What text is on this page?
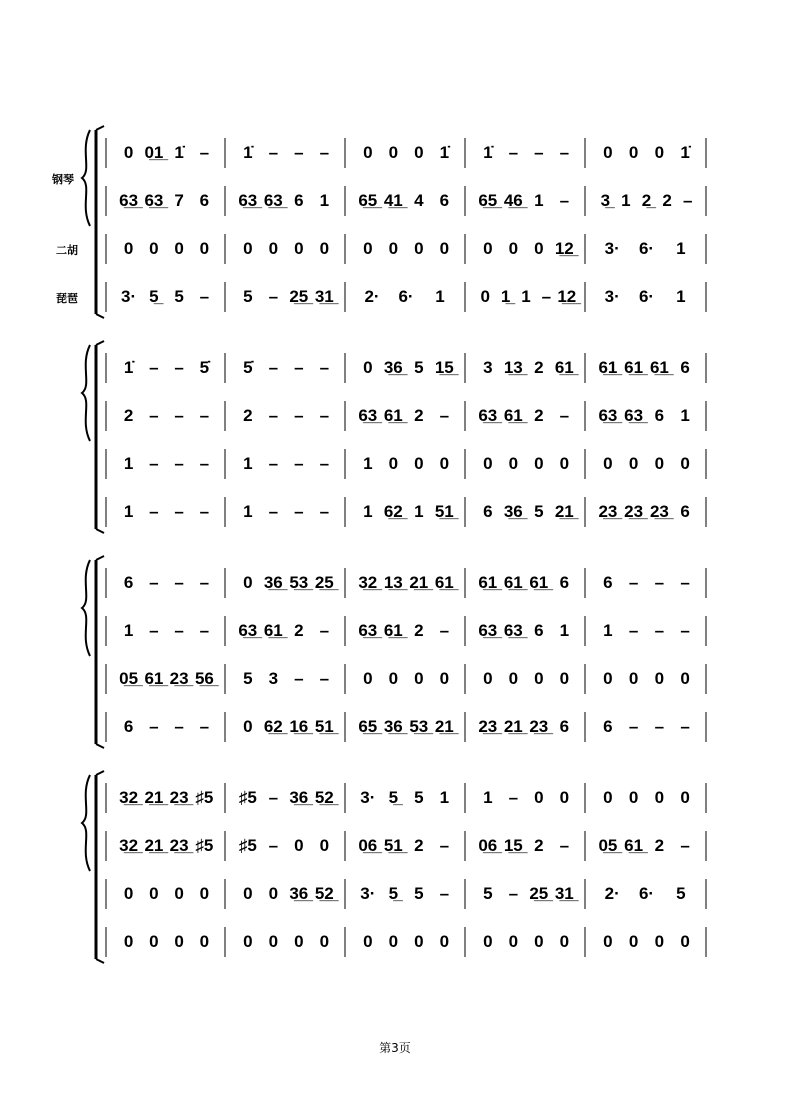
0 0̲1̲ 1̇ – 1̇ – – – 0 0 0 1̇ 1̇ – – – 0 0 0 1̇
6̲3̲ 6̲3̲ 7 6 6̲3̲ 6̲3̲ 6 1 6̲5̲ 4̲1̲ 4 6 6̲5̲ 4̲6̲ 1 – 3̲ 1 2̲ 2 –
0 0 0 0 0 0 0 0 0 0 0 0 0 0 0 1̲2̲ 3· 6· 1
3· 5̲ 5 – 5 – 2̲5̲ 3̲1̲ 2· 6· 1 0 1̲ 1 – 1̲2̲ 3· 6· 1
1̇ – – 5̇ 5̇ – – – 0 3̲6̲ 5 1̲5̲ 3 1̲3̲ 2 6̲1̲ 6̲1̲ 6̲1̲ 6̲1̲ 6
2 – – – 2 – – – 6̲3̲ 6̲1̲ 2 – 6̲3̲ 6̲1̲ 2 – 6̲3̲ 6̲3̲ 6 1
1 – – – 1 – – – 1 0 0 0 0 0 0 0 0 0 0 0
1 – – – 1 – – – 1 6̲2̲ 1 5̲1̲ 6 3̲6̲ 5 2̲1̲ 2̲3̲ 2̲3̲ 2̲3̲ 6
6 – – – 0 3̲6̲ 5̲3̲ 2̲5̲ 3̲2̲ 1̲3̲ 2̲1̲ 6̲1̲ 6̲1̲ 6̲1̲ 6̲1̲ 6 6 – – –
1 – – – 6̲3̲ 6̲1̲ 2 – 6̲3̲ 6̲1̲ 2 – 6̲3̲ 6̲3̲ 6 1 1 – – –
0̲5̲ 6̲1̲ 2̲3̲ 5̲6̲ 5 3 – – 0 0 0 0 0 0 0 0 0 0 0 0
6 – – – 0 6̲2̲ 1̲6̲ 5̲1̲ 6̲5̲ 3̲6̲ 5̲3̲ 2̲1̲ 2̲3̲ 2̲1̲ 2̲3̲ 6 6 – – –
3̲2̲ 2̲1̲ 2̲3̲ ♯5 ♯5 – 3̲6̲ 5̲2̲ 3· 5̲ 5 1 1 – 0 0 0 0 0 0
3̲2̲ 2̲1̲ 2̲3̲ ♯5 ♯5 – 0 0 0̲6̲ 5̲1̲ 2 – 0̲6̲ 1̲5̲ 2 – 0̲5̲ 6̲1̲ 2 –
0 0 0 0 0 0 3̲6̲ 5̲2̲ 3· 5̲ 5 – 5 – 2̲5̲ 3̲1̲ 2· 6· 5
0 0 0 0 0 0 0 0 0 0 0 0 0 0 0 0 0 0 0 0
钢琴
二胡
琵琶
第3页
